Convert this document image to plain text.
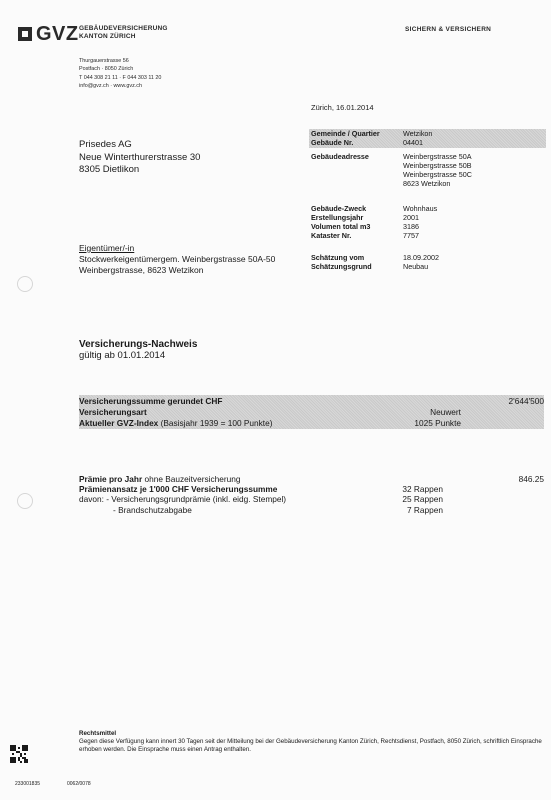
GVZ GEBÄUDEVERSICHERUNG
KANTON ZÜRICH
SICHERN & VERSICHERN
Thurgauerstrasse 56
Postfach · 8050 Zürich
T 044 308 21 11 · F 044 303 11 20
info@gvz.ch · www.gvz.ch
Zürich, 16.01.2014
Prisedes AG
Neue Winterthurerstrasse 30
8305 Dietlikon
Gemeinde / Quartier	Wetzikon
Gebäude Nr.	04401
Gebäudeadresse	Weinbergstrasse 50A
Weinbergstrasse 50B
Weinbergstrasse 50C
8623 Wetzikon
Gebäude-Zweck	Wohnhaus
Erstellungsjahr	2001
Volumen total m3	3186
Kataster Nr.	7757
Schätzung vom	18.09.2002
Schätzungsgrund	Neubau
Eigentümer/-in
Stockwerkeigentümergem. Weinbergstrasse 50A-50
Weinbergstrasse, 8623 Wetzikon
Versicherungs-Nachweis
gültig ab 01.01.2014
Versicherungssumme gerundet CHF	2'644'500
Versicherungsart	Neuwert
Aktueller GVZ-Index (Basisjahr 1939 = 100 Punkte)	1025 Punkte
Prämie pro Jahr ohne Bauzeitversicherung	846.25
Prämienansatz je 1'000 CHF Versicherungssumme	32 Rappen
davon: - Versicherungsgrundprämie (inkl. eidg. Stempel)	25 Rappen
- Brandschutzabgabe	7 Rappen
Rechtsmittel
Gegen diese Verfügung kann innert 30 Tagen seit der Mitteilung bei der Gebäudeversicherung Kanton Zürich, Rechtsdienst, Postfach, 8050 Zürich, schriftlich Einsprache erhoben werden. Die Einsprache muss einen Antrag enthalten.
233001835	0062/0078
